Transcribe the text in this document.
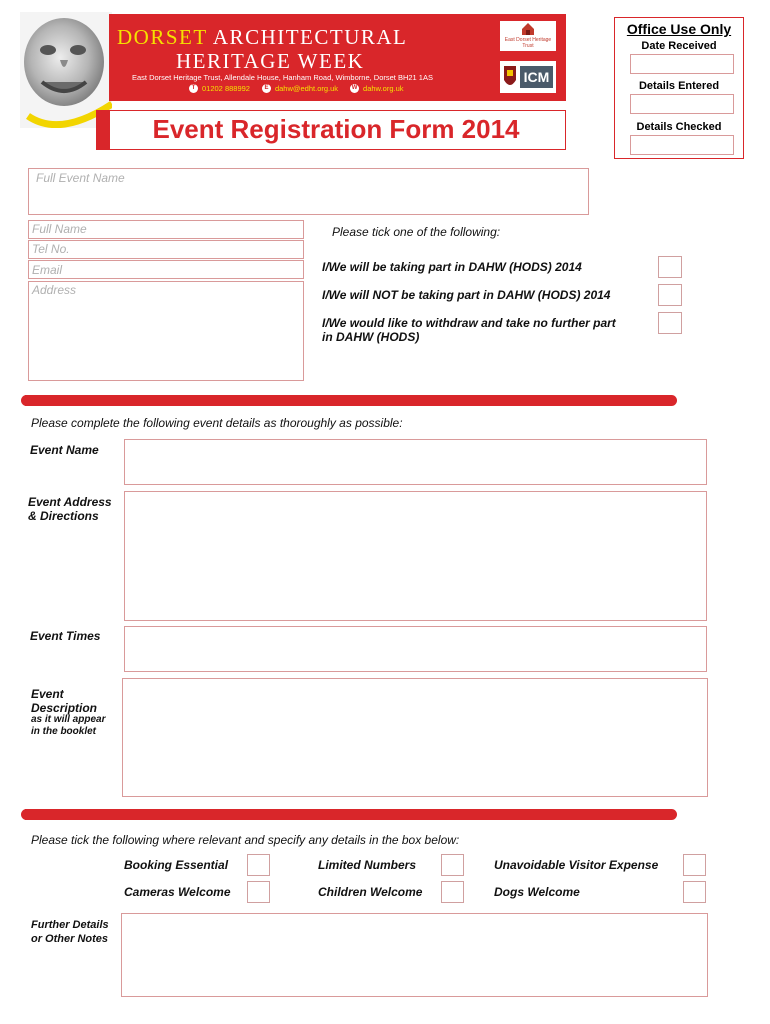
DORSET ARCHITECTURAL
HERITAGE WEEK
East Dorset Heritage Trust, Allendale House, Hanham Road, Wimborne, Dorset BH21 1AS
T 01202 888992	E dahw@edht.org.uk W dahw.org.uk
East Dorset Heritage Trust
ICM
Event Registration Form 2014
Office Use Only
Date Received
Details Entered
Details Checked
Full Event Name
Full Name
Tel No.
Email
Address
Please tick one of the following:
I/We will be taking part in DAHW (HODS) 2014
I/We will NOT be taking part in DAHW (HODS) 2014
I/We would like to withdraw and take no further part in DAHW (HODS)
Please complete the following event details as thoroughly as possible:
Event Name
Event Address & Directions
Event Times
Event Description
as it will appear in the booklet
Please tick the following where relevant and specify any details in the box below:
Booking Essential	Limited Numbers	Unavoidable Visitor Expense
Cameras Welcome	Children Welcome	Dogs Welcome
Further Details or Other Notes
